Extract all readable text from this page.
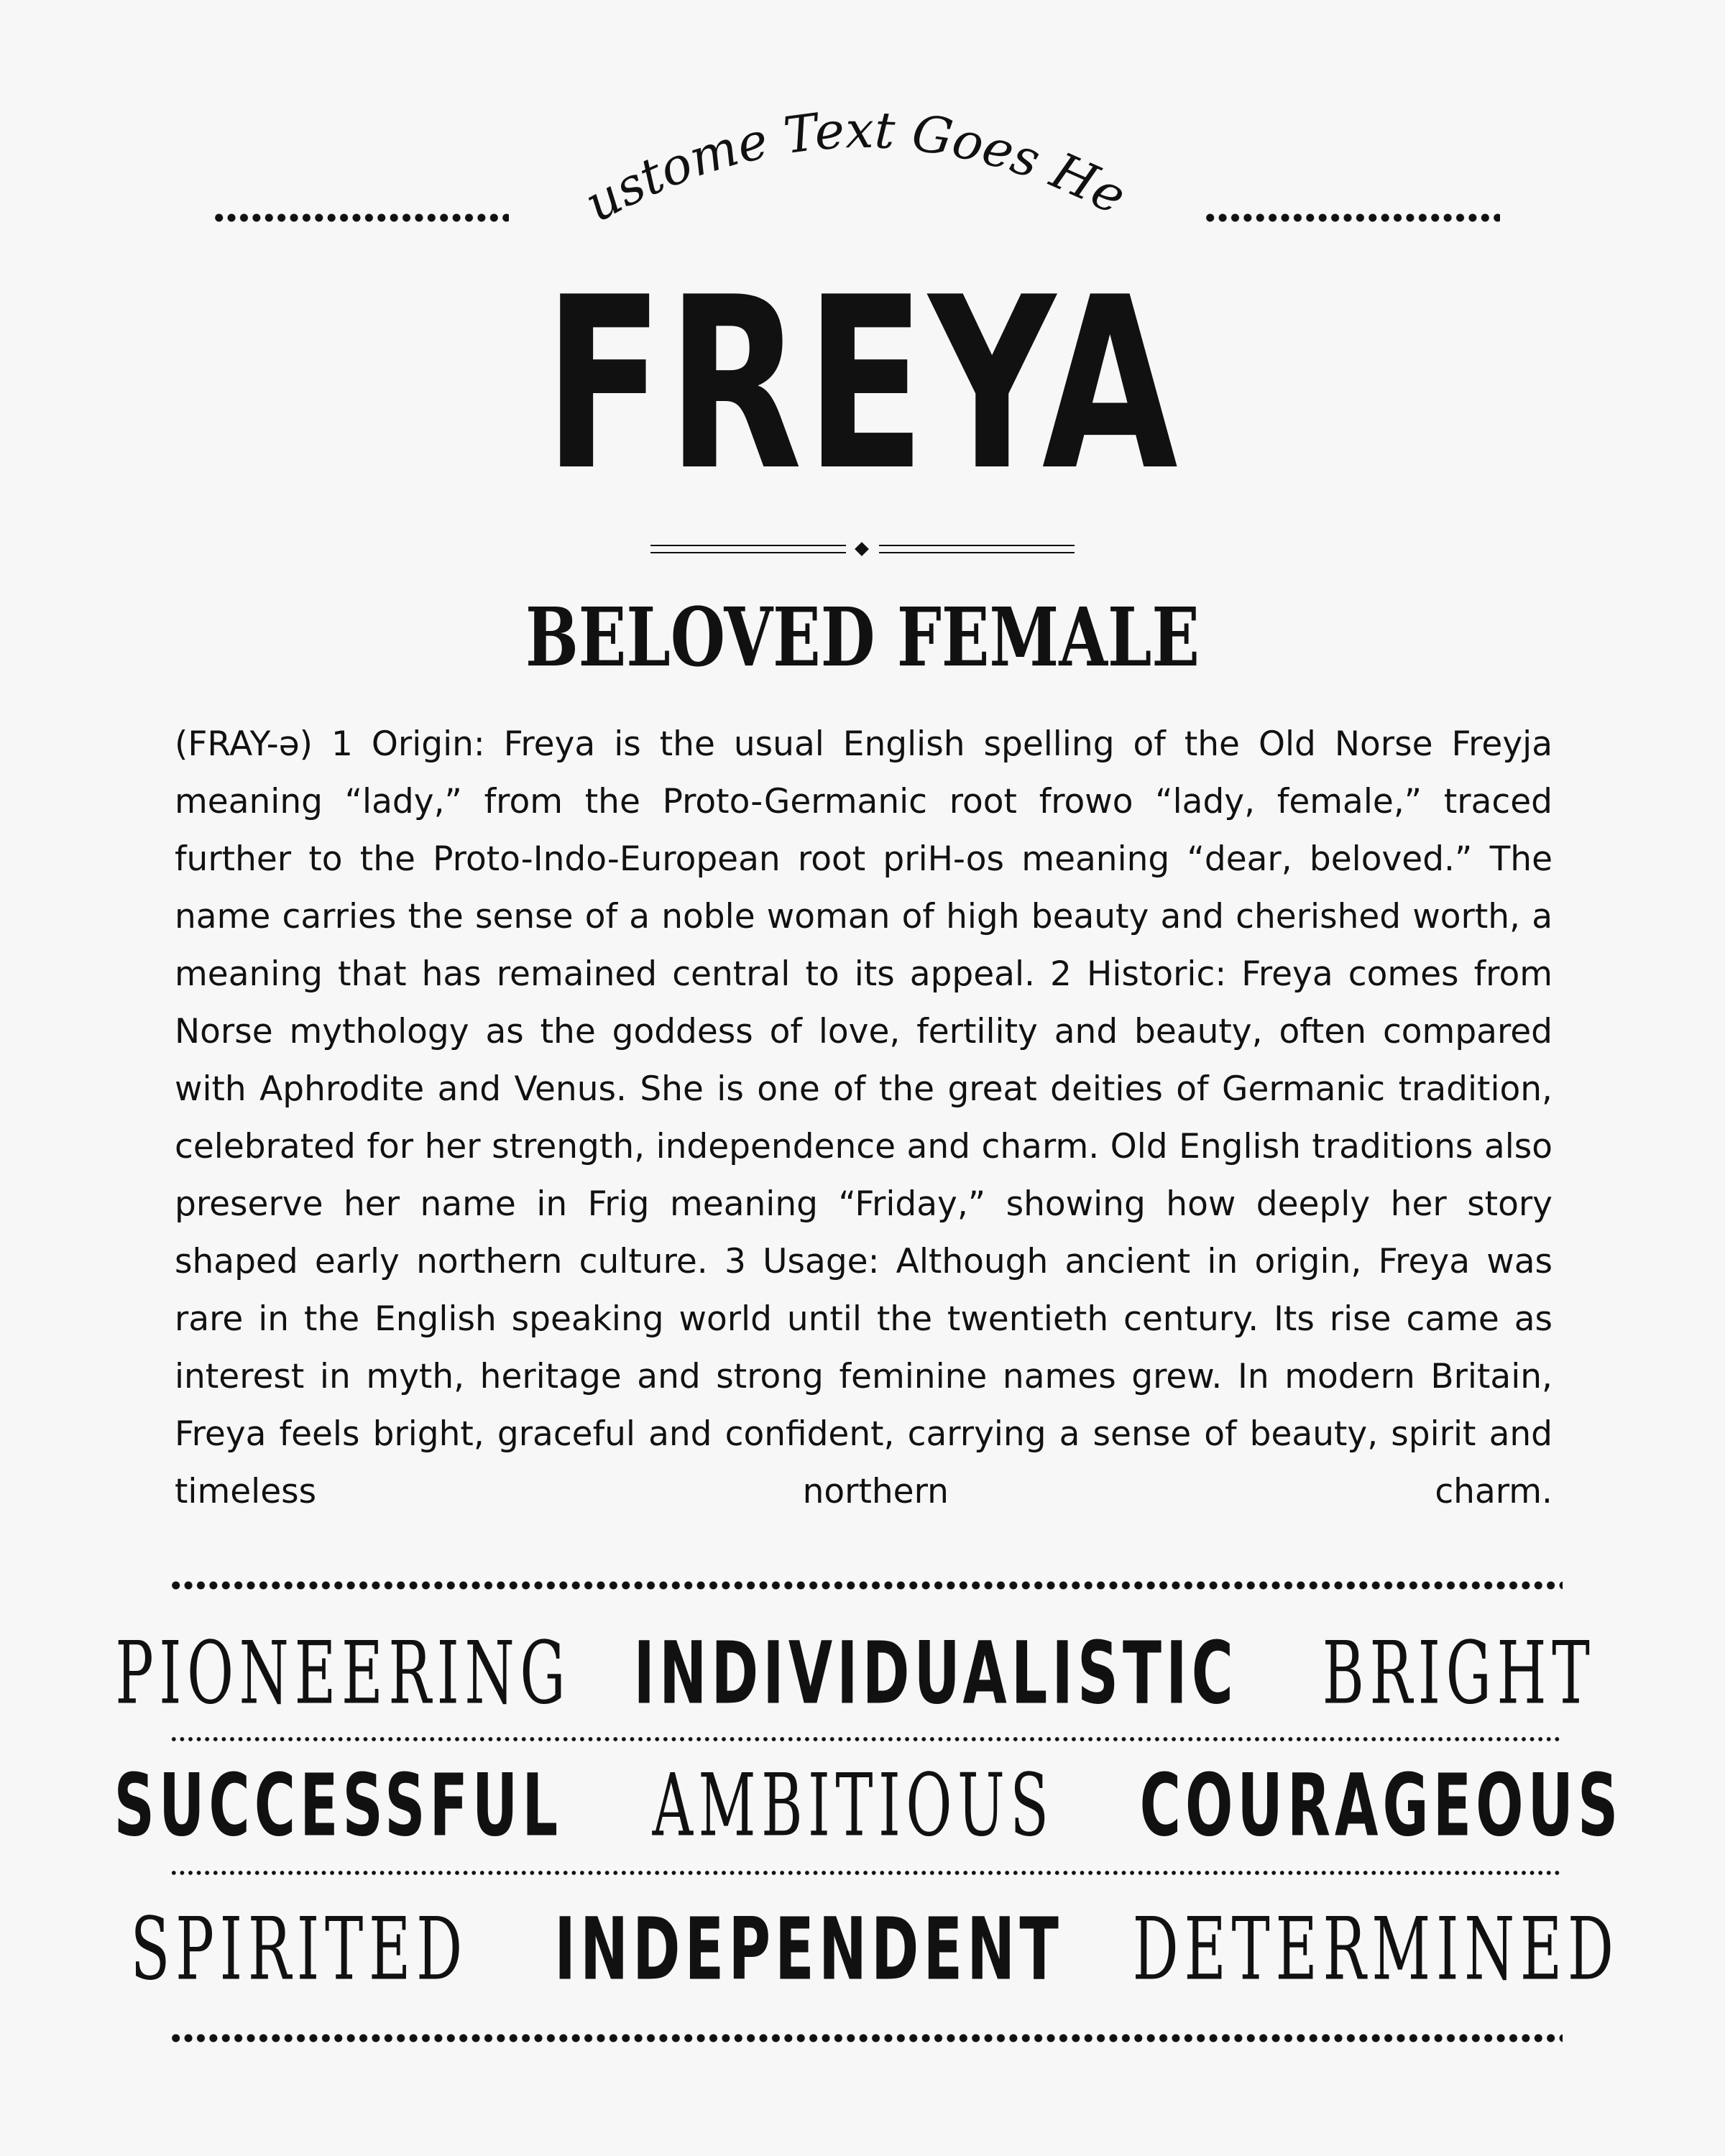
Custome Text Goes Here
FREYA
BELOVED FEMALE
(FRAY-ə) 1 Origin: Freya is the usual English spelling of the Old Norse Freyja meaning “lady,” from the Proto-Germanic root frowo “lady, female,” traced further to the Proto-Indo-European root priH-os meaning “dear, beloved.” The name carries the sense of a noble woman of high beauty and cherished worth, a meaning that has remained central to its appeal. 2 Historic: Freya comes from Norse mythology as the goddess of love, fertility and beauty, often compared with Aphrodite and Venus. She is one of the great deities of Germanic tradition, celebrated for her strength, independence and charm. Old English traditions also preserve her name in Frig meaning “Friday,” showing how deeply her story shaped early northern culture. 3 Usage: Although ancient in origin, Freya was rare in the English speaking world until the twentieth century. Its rise came as interest in myth, heritage and strong feminine names grew. In modern Britain, Freya feels bright, graceful and confident, carrying a sense of beauty, spirit and timeless northern charm.
PIONEERING INDIVIDUALISTIC BRIGHT
SUCCESSFUL AMBITIOUS COURAGEOUS
SPIRITED INDEPENDENT DETERMINED
